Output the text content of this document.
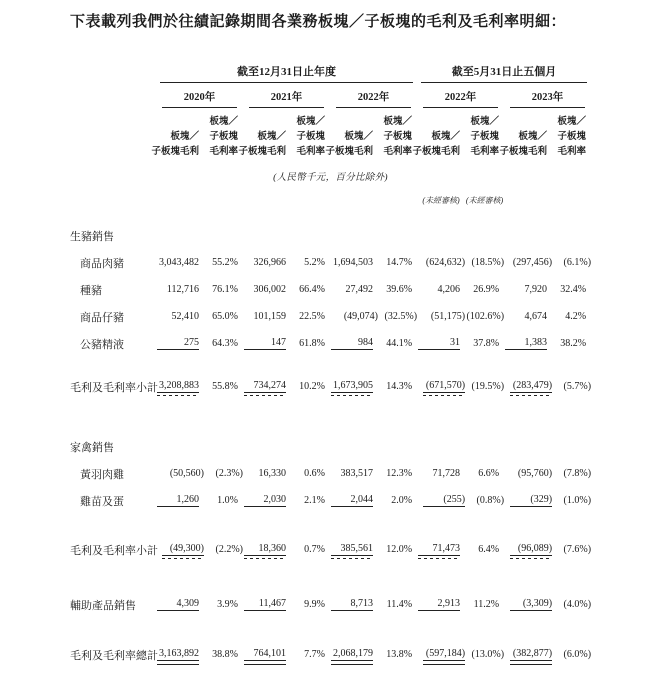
下表載列我們於往績記錄期間各業務板塊／子板塊的毛利及毛利率明細：

	截至12月31日止年度						截至5月31日止五個月			

	2020年		2021年		2022年		2022年		2023年	

板塊／
子板塊毛利

板塊／
子板塊
毛利率

板塊／
子板塊毛利

板塊／
子板塊
毛利率

板塊／
子板塊毛利

板塊／
子板塊
毛利率

板塊／
子板塊毛利

板塊／
子板塊
毛利率

板塊／
子板塊毛利

板塊／
子板塊
毛利率

(人民幣千元，百分比除外)										
							(未經審核)	(未經審核)		
生豬銷售										
商品肉豬	3,043,482	55.2%	326,966	5.2%	1,694,503	14.7%	(624,632)	(18.5%)	(297,456)	(6.1%)
種豬	112,716	76.1%	306,002	66.4%	27,492	39.6%	4,206	26.9%	7,920	32.4%
商品仔豬	52,410	65.0%	101,159	22.5%	(49,074)	(32.5%)	(51,175)	(102.6%)	4,674	4.2%
公豬精液	275	64.3%	147	61.8%	984	44.1%	31	37.8%	1,383	38.2%
毛利及毛利率小計	3,208,883	55.8%	734,274	10.2%	1,673,905	14.3%	(671,570)	(19.5%)	(283,479)	(5.7%)
家禽銷售										
黃羽肉雞	(50,560)	(2.3%)	16,330	0.6%	383,517	12.3%	71,728	6.6%	(95,760)	(7.8%)
雞苗及蛋	1,260	1.0%	2,030	2.1%	2,044	2.0%	(255)	(0.8%)	(329)	(1.0%)
毛利及毛利率小計	(49,300)	(2.2%)	18,360	0.7%	385,561	12.0%	71,473	6.4%	(96,089)	(7.6%)
輔助產品銷售	4,309	3.9%	11,467	9.9%	8,713	11.4%	2,913	11.2%	(3,309)	(4.0%)
毛利及毛利率總計	3,163,892	38.8%	764,101	7.7%	2,068,179	13.8%	(597,184)	(13.0%)	(382,877)	(6.0%)
